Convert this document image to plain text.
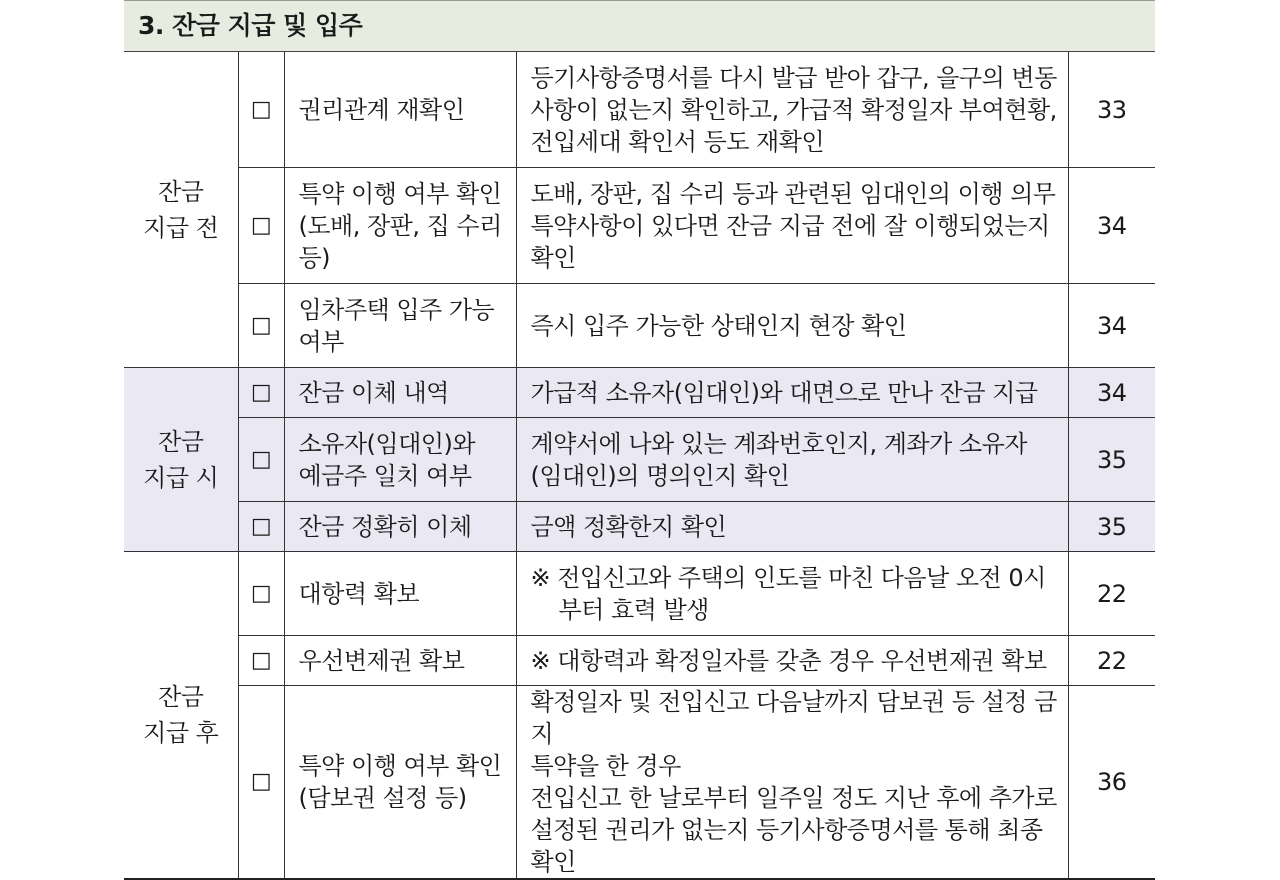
3. 잔금 지급 및 입주				

잔금
지급 전	□	권리관계 재확인	등기사항증명서를 다시 발급 받아 갑구, 을구의 변동
사항이 없는지 확인하고, 가급적 확정일자 부여현황,
전입세대 확인서 등도 재확인	33
	□	특약 이행 여부 확인
(도배, 장판, 집 수리
등)	도배, 장판, 집 수리 등과 관련된 임대인의 이행 의무
특약사항이 있다면 잔금 지급 전에 잘 이행되었는지
확인	34
	□	임차주택 입주 가능
여부	즉시 입주 가능한 상태인지 현장 확인	34

잔금
지급 시	□	잔금 이체 내역	가급적 소유자(임대인)와 대면으로 만나 잔금 지급	34
	□	소유자(임대인)와
예금주 일치 여부	계약서에 나와 있는 계좌번호인지, 계좌가 소유자
(임대인)의 명의인지 확인	35
	□	잔금 정확히 이체	금액 정확한지 확인	35

잔금
지급 후	□	대항력 확보	※ 전입신고와 주택의 인도를 마친 다음날 오전 0시 부터 효력 발생	22
	□	우선변제권 확보	※ 대항력과 확정일자를 갖춘 경우 우선변제권 확보	22
	□	특약 이행 여부 확인
(담보권 설정 등)	확정일자 및 전입신고 다음날까지 담보권 등 설정 금지
특약을 한 경우
전입신고 한 날로부터 일주일 정도 지난 후에 추가로
설정된 권리가 없는지 등기사항증명서를 통해 최종
확인	36
